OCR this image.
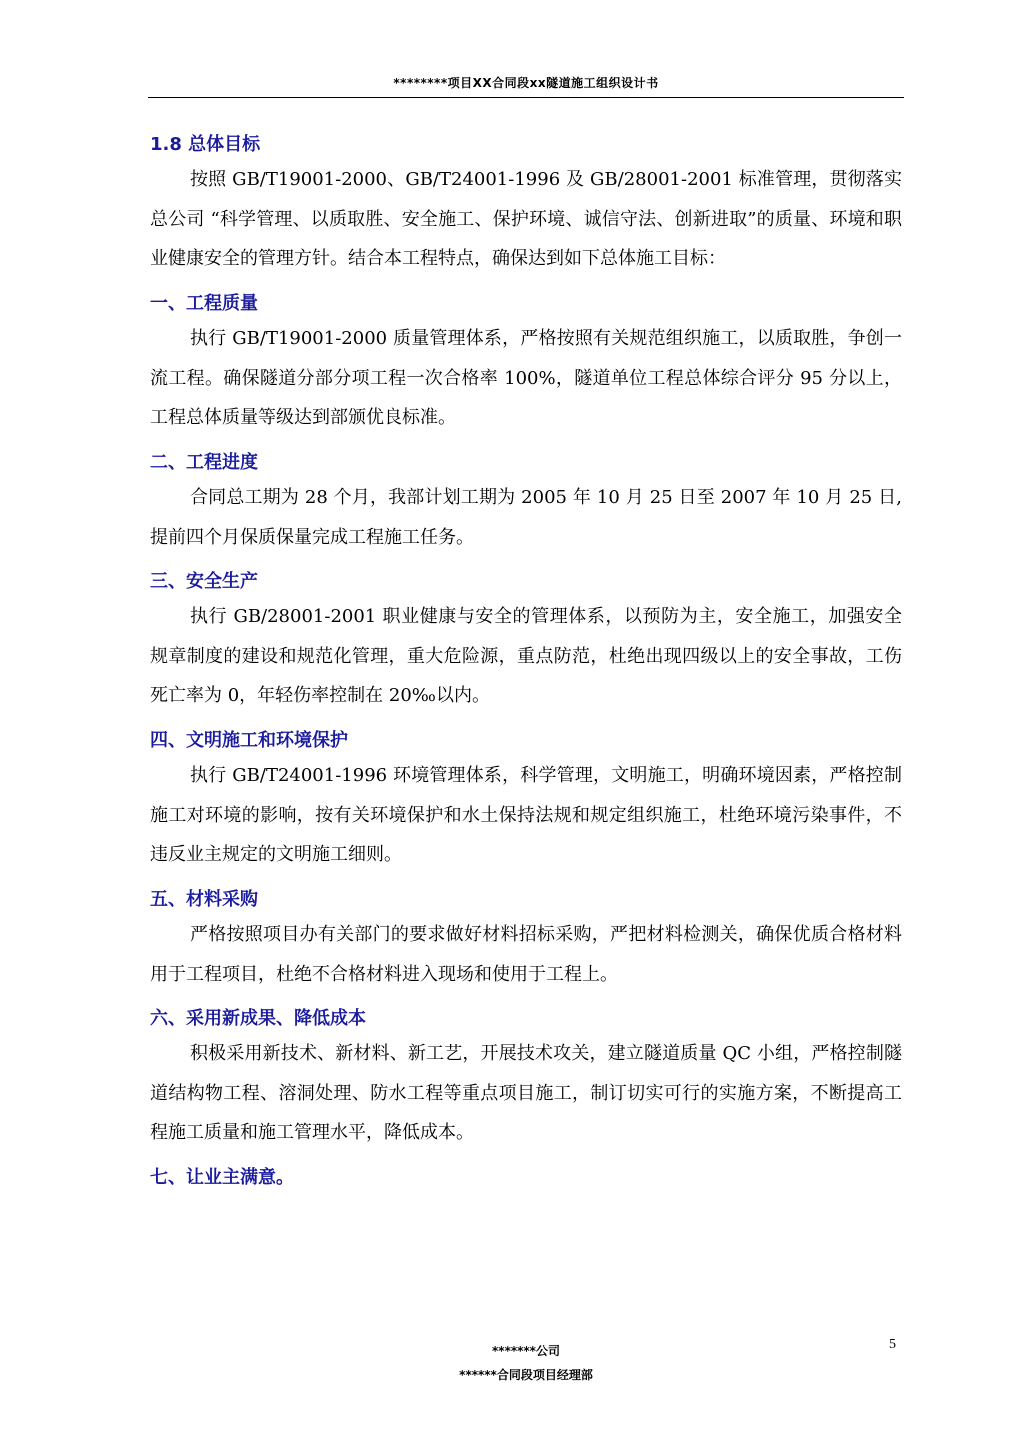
********项目XX合同段xx隧道施工组织设计书
1.8 总体目标
按照 GB/T19001-2000、GB/T24001-1996 及 GB/28001-2001 标准管理，贯彻落实总公司 “科学管理、以质取胜、安全施工、保护环境、诚信守法、创新进取”的质量、环境和职业健康安全的管理方针。结合本工程特点，确保达到如下总体施工目标：
一、工程质量
执行 GB/T19001-2000 质量管理体系，严格按照有关规范组织施工，以质取胜，争创一流工程。确保隧道分部分项工程一次合格率 100%，隧道单位工程总体综合评分 95 分以上，工程总体质量等级达到部颁优良标准。
二、工程进度
合同总工期为 28 个月，我部计划工期为 2005 年 10 月 25 日至 2007 年 10 月 25 日,提前四个月保质保量完成工程施工任务。
三、安全生产
执行 GB/28001-2001 职业健康与安全的管理体系，以预防为主，安全施工，加强安全规章制度的建设和规范化管理，重大危险源，重点防范，杜绝出现四级以上的安全事故，工伤死亡率为 0，年轻伤率控制在 20‰以内。
四、文明施工和环境保护
执行 GB/T24001-1996 环境管理体系，科学管理，文明施工，明确环境因素，严格控制施工对环境的影响，按有关环境保护和水土保持法规和规定组织施工，杜绝环境污染事件，不违反业主规定的文明施工细则。
五、材料采购
严格按照项目办有关部门的要求做好材料招标采购，严把材料检测关，确保优质合格材料用于工程项目，杜绝不合格材料进入现场和使用于工程上。
六、采用新成果、降低成本
积极采用新技术、新材料、新工艺，开展技术攻关，建立隧道质量 QC 小组，严格控制隧道结构物工程、溶洞处理、防水工程等重点项目施工，制订切实可行的实施方案，不断提高工程施工质量和施工管理水平，降低成本。
七、让业主满意。
5
*******公司
******合同段项目经理部
